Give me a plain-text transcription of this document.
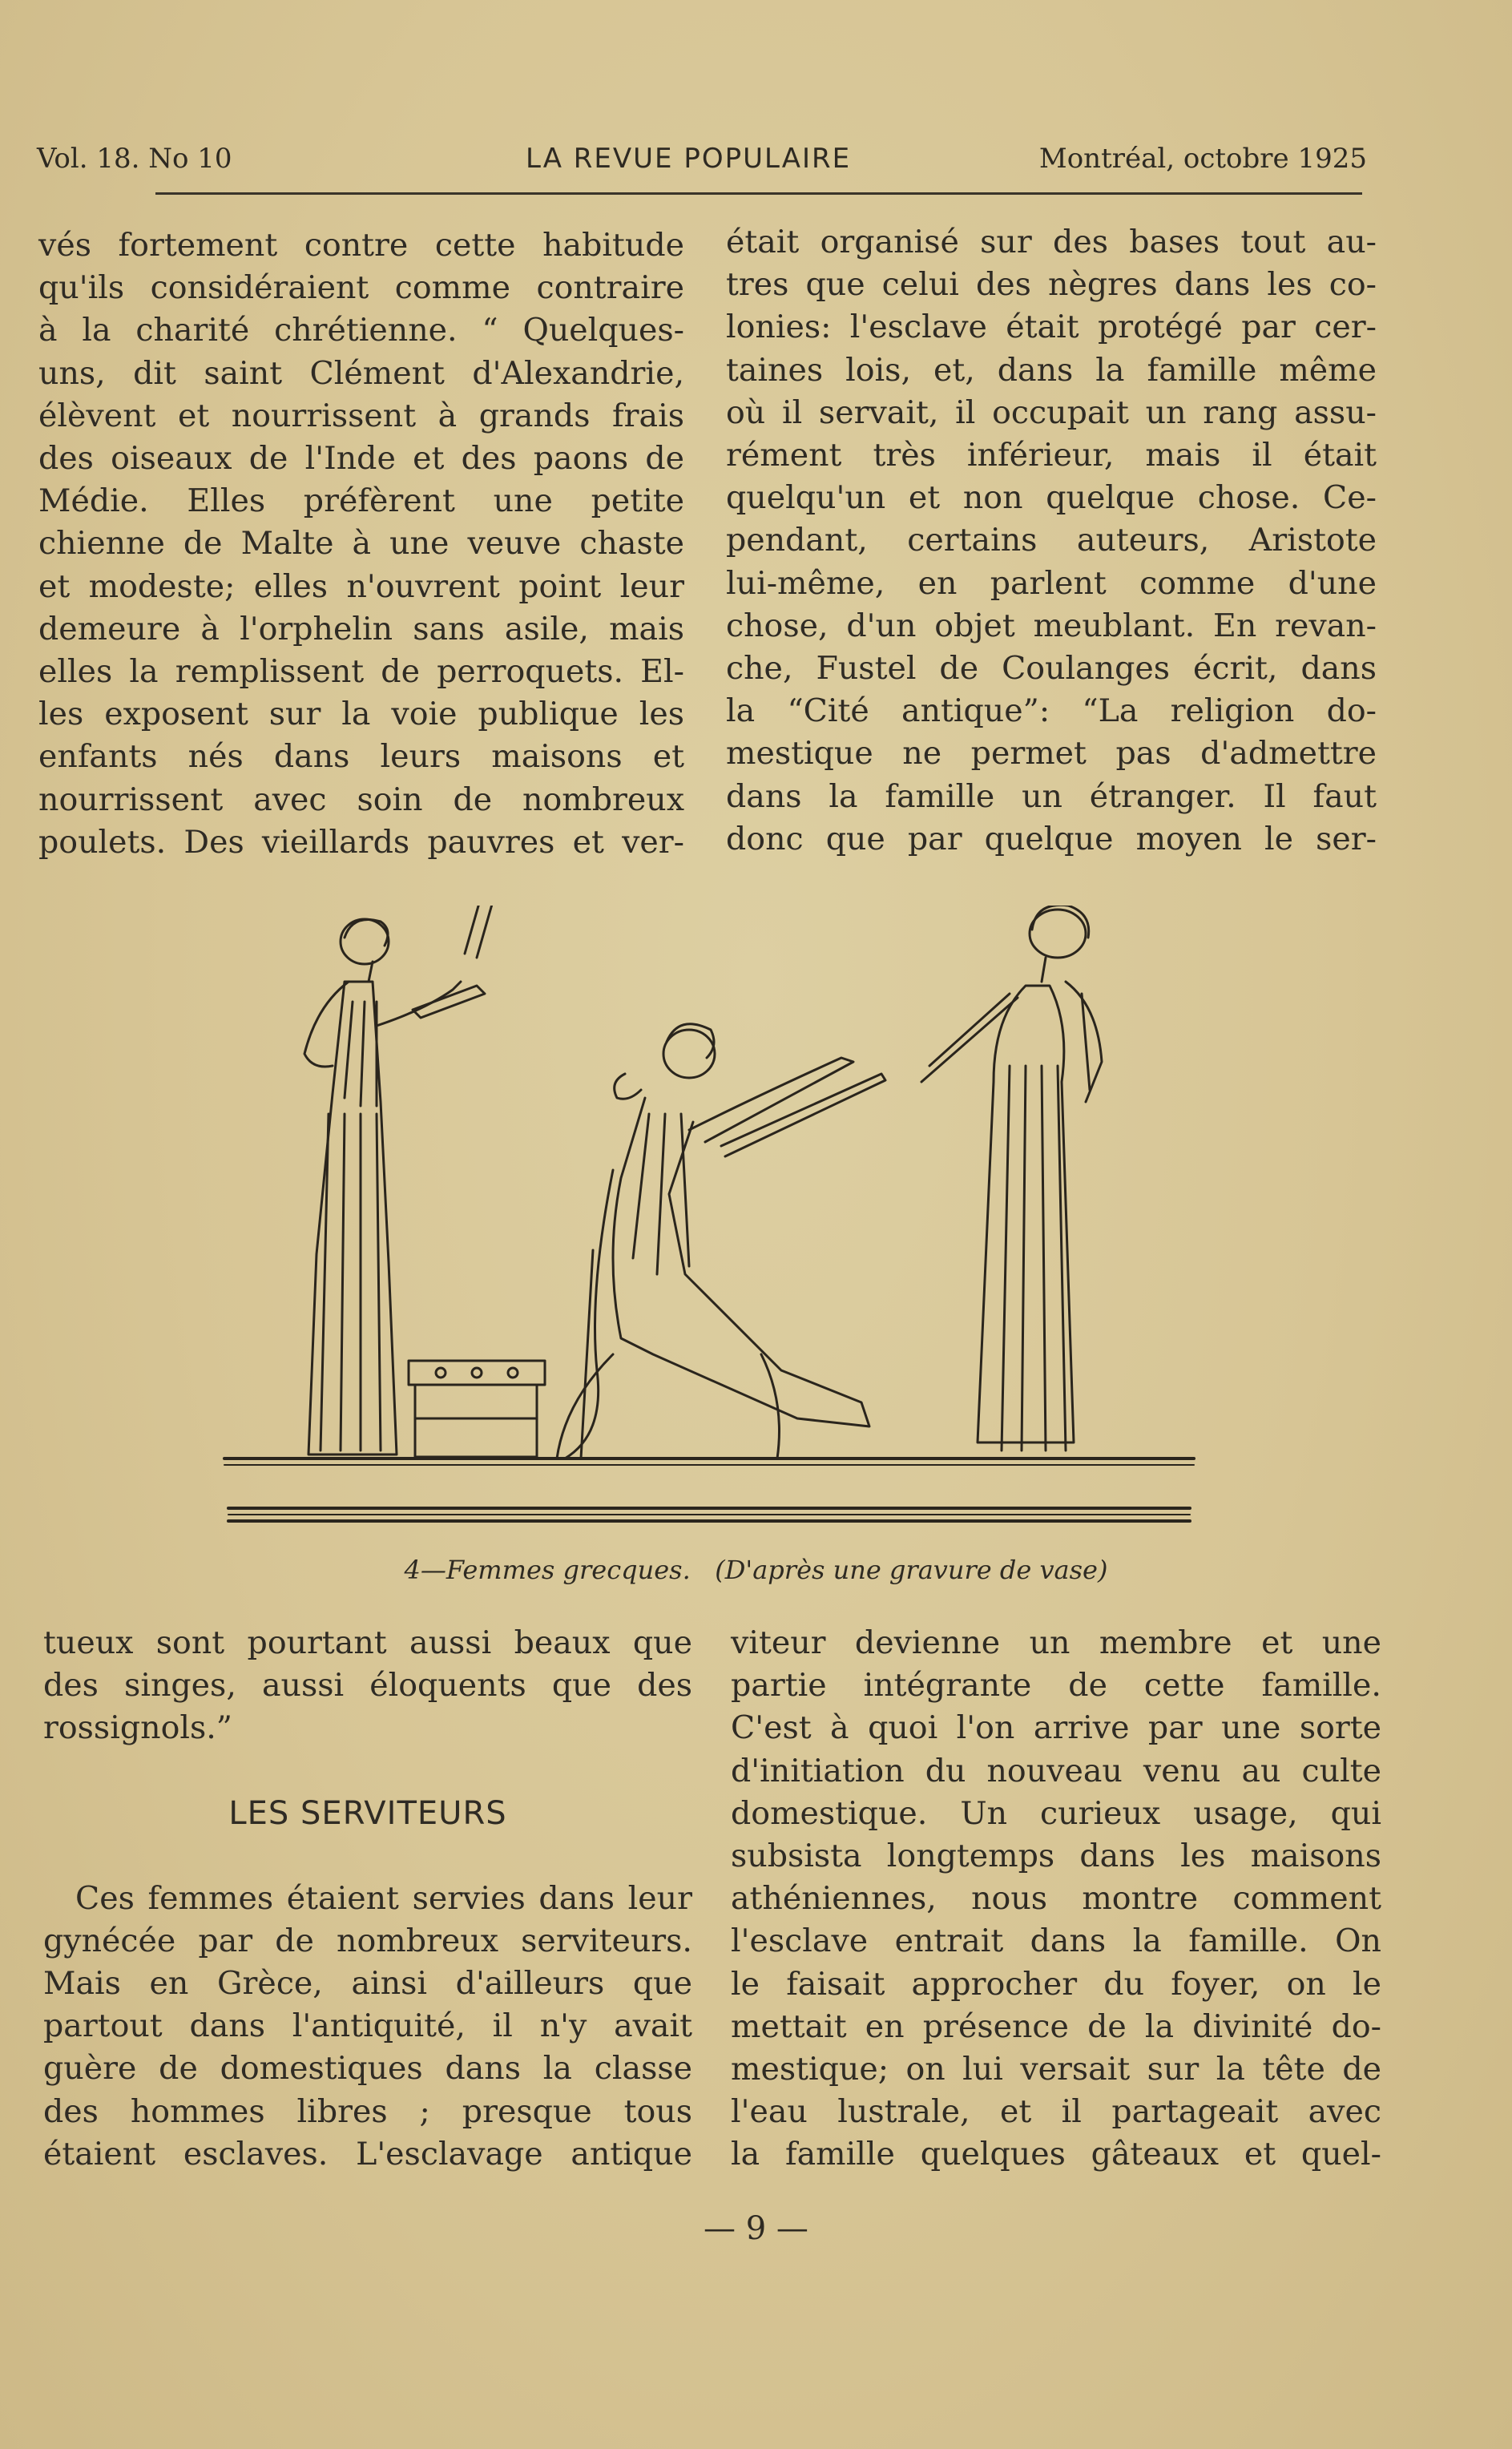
Vol. 18. No 10	LA REVUE POPULAIRE	Montréal, octobre 1925
vés fortement contre cette habitude
qu'ils considéraient comme contraire
à la charité chrétienne. “ Quelques-
uns, dit saint Clément d'Alexandrie,
élèvent et nourrissent à grands frais
des oiseaux de l'Inde et des paons de
Médie. Elles préfèrent une petite
chienne de Malte à une veuve chaste
et modeste; elles n'ouvrent point leur
demeure à l'orphelin sans asile, mais
elles la remplissent de perroquets. El-
les exposent sur la voie publique les
enfants nés dans leurs maisons et
nourrissent avec soin de nombreux
poulets. Des vieillards pauvres et ver-
était organisé sur des bases tout au-
tres que celui des nègres dans les co-
lonies: l'esclave était protégé par cer-
taines lois, et, dans la famille même
où il servait, il occupait un rang assu-
rément très inférieur, mais il était
quelqu'un et non quelque chose. Ce-
pendant, certains auteurs, Aristote
lui-même, en parlent comme d'une
chose, d'un objet meublant. En revan-
che, Fustel de Coulanges écrit, dans
la “Cité antique”: “La religion do-
mestique ne permet pas d'admettre
dans la famille un étranger. Il faut
donc que par quelque moyen le ser-
4—Femmes grecques. (D'après une gravure de vase)
tueux sont pourtant aussi beaux que
des singes, aussi éloquents que des
rossignols.”
LES SERVITEURS
Ces femmes étaient servies dans leur
gynécée par de nombreux serviteurs.
Mais en Grèce, ainsi d'ailleurs que
partout dans l'antiquité, il n'y avait
guère de domestiques dans la classe
des hommes libres ; presque tous
étaient esclaves. L'esclavage antique
viteur devienne un membre et une
partie intégrante de cette famille.
C'est à quoi l'on arrive par une sorte
d'initiation du nouveau venu au culte
domestique. Un curieux usage, qui
subsista longtemps dans les maisons
athéniennes, nous montre comment
l'esclave entrait dans la famille. On
le faisait approcher du foyer, on le
mettait en présence de la divinité do-
mestique; on lui versait sur la tête de
l'eau lustrale, et il partageait avec
la famille quelques gâteaux et quel-
— 9 —
